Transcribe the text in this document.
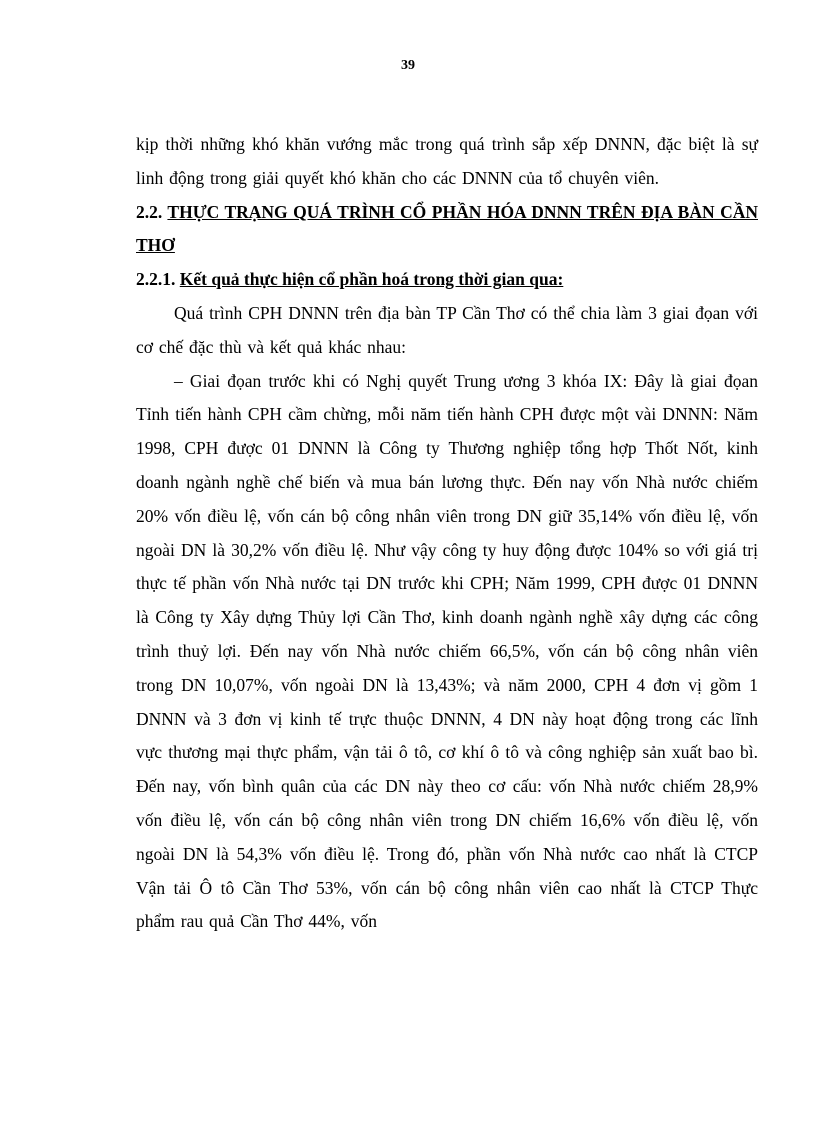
39

kịp thời những khó khăn vướng mắc trong quá trình sắp xếp DNNN, đặc biệt là sự linh động trong giải quyết khó khăn cho các DNNN của tổ chuyên viên.

2.2. THỰC TRẠNG QUÁ TRÌNH CỔ PHẦN HÓA DNNN TRÊN ĐỊA BÀN CẦN THƠ

2.2.1. Kết quả thực hiện cổ phần hoá trong thời gian qua:

Quá trình CPH DNNN trên địa bàn TP Cần Thơ có thể chia làm 3 giai đọan với cơ chế đặc thù và kết quả khác nhau:

– Giai đọan trước khi có Nghị quyết Trung ương 3 khóa IX: Đây là giai đọan Tỉnh tiến hành CPH cầm chừng, mỗi năm tiến hành CPH được một vài DNNN: Năm 1998, CPH được 01 DNNN là Công ty Thương nghiệp tổng hợp Thốt Nốt, kinh doanh ngành nghề chế biến và mua bán lương thực. Đến nay vốn Nhà nước chiếm 20% vốn điều lệ, vốn cán bộ công nhân viên trong DN giữ 35,14% vốn điều lệ, vốn ngoài DN là 30,2% vốn điều lệ. Như vậy công ty huy động được 104% so với giá trị thực tế phần vốn Nhà nước tại DN trước khi CPH; Năm 1999, CPH được 01 DNNN là Công ty Xây dựng Thủy lợi Cần Thơ, kinh doanh ngành nghề xây dựng các công trình thuỷ lợi. Đến nay vốn Nhà nước chiếm 66,5%, vốn cán bộ công nhân viên trong DN 10,07%, vốn ngoài DN là 13,43%; và năm 2000, CPH 4 đơn vị gồm 1 DNNN và 3 đơn vị kinh tế trực thuộc DNNN, 4 DN này hoạt động trong các lĩnh vực thương mại thực phẩm, vận tải ô tô, cơ khí ô tô và công nghiệp sản xuất bao bì. Đến nay, vốn bình quân của các DN này theo cơ cấu: vốn Nhà nước chiếm 28,9% vốn điều lệ, vốn cán bộ công nhân viên trong DN chiếm 16,6% vốn điều lệ, vốn ngoài DN là 54,3% vốn điều lệ. Trong đó, phần vốn Nhà nước cao nhất là CTCP Vận tải Ô tô Cần Thơ 53%, vốn cán bộ công nhân viên cao nhất là CTCP Thực phẩm rau quả Cần Thơ 44%, vốn
